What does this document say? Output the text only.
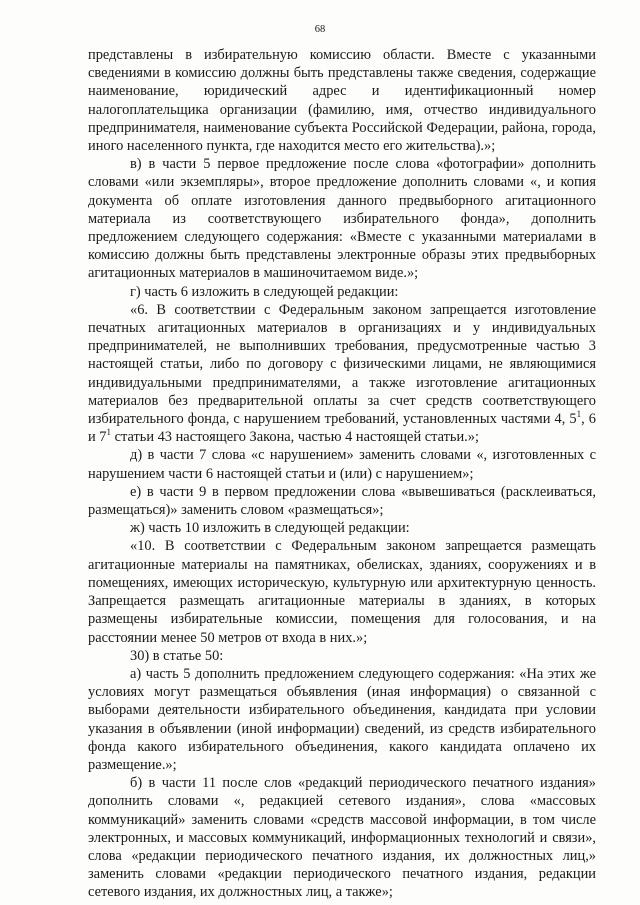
68

представлены в избирательную комиссию области. Вместе с указанными сведениями в комиссию должны быть представлены также сведения, содержащие наименование, юридический адрес и идентификационный номер налогоплательщика организации (фамилию, имя, отчество индивидуального предпринимателя, наименование субъекта Российской Федерации, района, города, иного населенного пункта, где находится место его жительства).»;

в) в части 5 первое предложение после слова «фотографии» дополнить словами «или экземпляры», второе предложение дополнить словами «, и копия документа об оплате изготовления данного предвыборного агитационного материала из соответствующего избирательного фонда», дополнить предложением следующего содержания: «Вместе с указанными материалами в комиссию должны быть представлены электронные образы этих предвыборных агитационных материалов в машиночитаемом виде.»;

г) часть 6 изложить в следующей редакции:

«6. В соответствии с Федеральным законом запрещается изготовление печатных агитационных материалов в организациях и у индивидуальных предпринимателей, не выполнивших требования, предусмотренные частью 3 настоящей статьи, либо по договору с физическими лицами, не являющимися индивидуальными предпринимателями, а также изготовление агитационных материалов без предварительной оплаты за счет средств соответствующего избирательного фонда, с нарушением требований, установленных частями 4, $5^1$, 6 и $7^1$ статьи 43 настоящего Закона, частью 4 настоящей статьи.»;

д) в части 7 слова «с нарушением» заменить словами «, изготовленных с нарушением части 6 настоящей статьи и (или) с нарушением»;

е) в части 9 в первом предложении слова «вывешиваться (расклеиваться, размещаться)» заменить словом «размещаться»;

ж) часть 10 изложить в следующей редакции:

«10. В соответствии с Федеральным законом запрещается размещать агитационные материалы на памятниках, обелисках, зданиях, сооружениях и в помещениях, имеющих историческую, культурную или архитектурную ценность. Запрещается размещать агитационные материалы в зданиях, в которых размещены избирательные комиссии, помещения для голосования, и на расстоянии менее 50 метров от входа в них.»;

30) в статье 50:

а) часть 5 дополнить предложением следующего содержания: «На этих же условиях могут размещаться объявления (иная информация) о связанной с выборами деятельности избирательного объединения, кандидата при условии указания в объявлении (иной информации) сведений, из средств избирательного фонда какого избирательного объединения, какого кандидата оплачено их размещение.»;

б) в части 11 после слов «редакций периодического печатного издания» дополнить словами «, редакцией сетевого издания», слова «массовых коммуникаций» заменить словами «средств массовой информации, в том числе электронных, и массовых коммуникаций, информационных технологий и связи», слова «редакции периодического печатного издания, их должностных лиц,» заменить словами «редакции периодического печатного издания, редакции сетевого издания, их должностных лиц, а также»;
